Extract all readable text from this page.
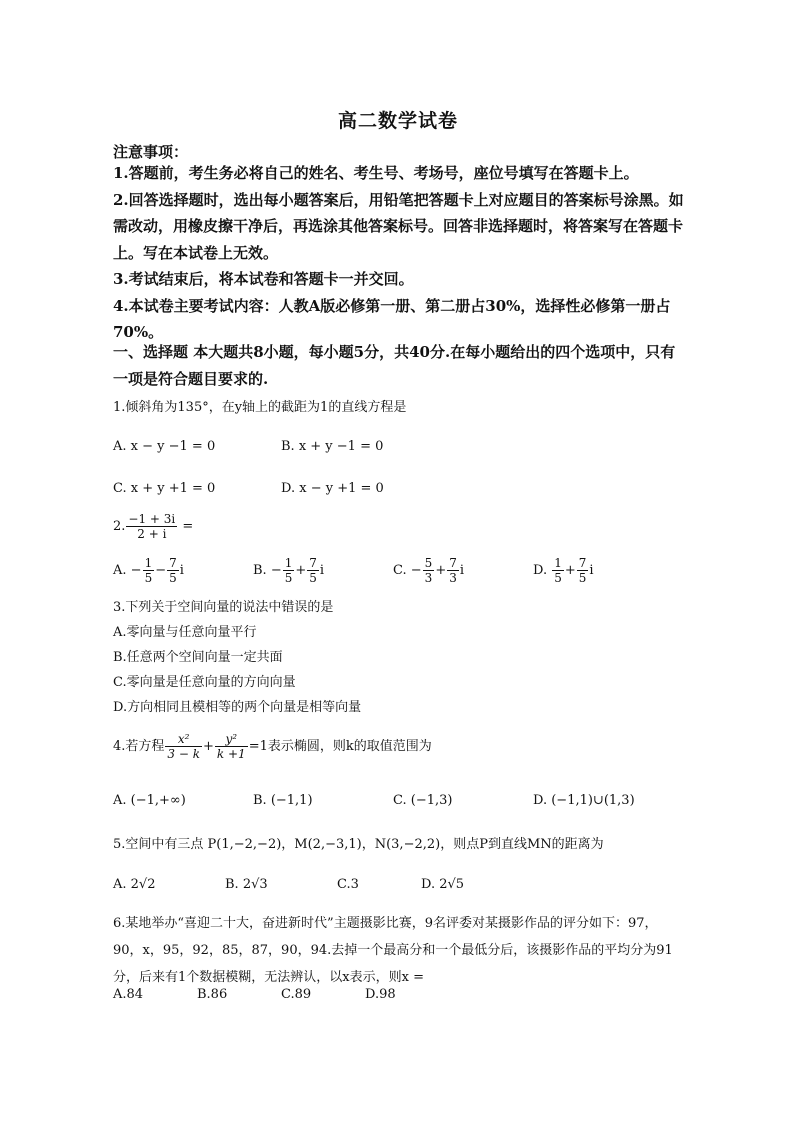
高二数学试卷
注意事项：

1.答题前，考生务必将自己的姓名、考生号、考场号，座位号填写在答题卡上。

2.回答选择题时，选出每小题答案后，用铅笔把答题卡上对应题目的答案标号涂黑。如需改动，用橡皮擦干净后，再选涂其他答案标号。回答非选择题时，将答案写在答题卡上。写在本试卷上无效。

3.考试结束后，将本试卷和答题卡一并交回。

4.本试卷主要考试内容：人教A版必修第一册、第二册占30%，选择性必修第一册占70%。

一、选择题 本大题共8小题，每小题5分，共40分.在每小题给出的四个选项中，只有一项是符合题目要求的.
1.倾斜角为135°，在y轴上的截距为1的直线方程是
A. x − y −1 = 0	B. x + y −1 = 0
C. x + y +1 = 0	D. x − y +1 = 0
2. $\frac{-1 + 3i}{2 + i}$ =
A. − $\frac{1}{5} - \frac{7}{5}$ i	B. − $\frac{1}{5} + \frac{7}{5}$ i	C. − $\frac{5}{3} + \frac{7}{3}$ i	D. $\frac{1}{5} + \frac{7}{5}$ i
3.下列关于空间向量的说法中错误的是
A.零向量与任意向量平行
B.任意两个空间向量一定共面
C.零向量是任意向量的方向向量
D.方向相同且模相等的两个向量是相等向量
4.若方程 $\frac{\text{x²}}{3 - k} + \frac{\text{y²}}{k +1} =1$表示椭圆，则k的取值范围为
A. (−1,+∞)	B. (−1,1)	C. (−1,3)	D. (−1,1)∪(1,3)
5.空间中有三点 P(1,−2,−2)，M(2,−3,1)，N(3,−2,2)，则点P到直线MN的距离为
A. 2√2	B. 2√3	C.3	D. 2√5
6.某地举办“喜迎二十大，奋进新时代”主题摄影比赛，9名评委对某摄影作品的评分如下：97，90，x，95，92，85，87，90，94.去掉一个最高分和一个最低分后，该摄影作品的平均分为91分，后来有1个数据模糊，无法辨认，以x表示，则x =
A.84	B.86	C.89	D.98
